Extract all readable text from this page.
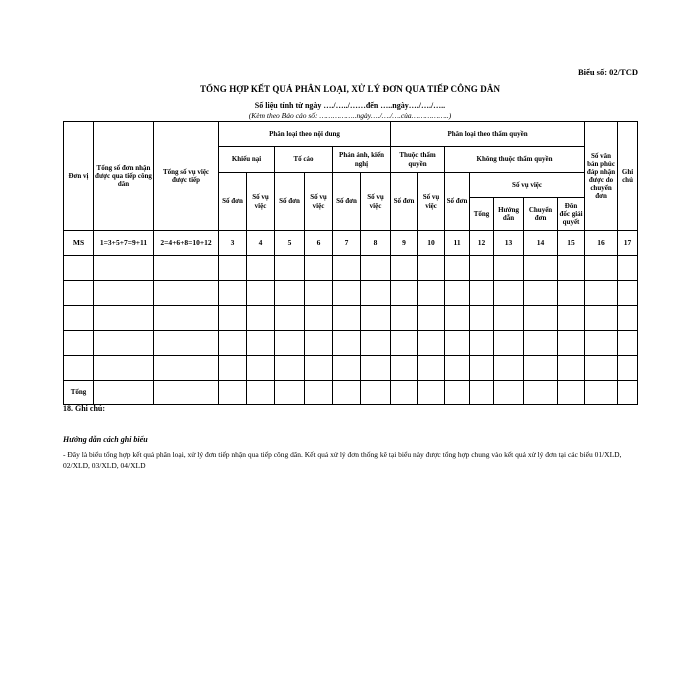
Biểu số: 02/TCD
TỔNG HỢP KẾT QUẢ PHÂN LOẠI, XỬ LÝ ĐƠN QUA TIẾP CÔNG DÂN
Số liệu tính từ ngày …./…../……đến …..ngày…./…./…..
(Kèm theo Báo cáo số: ……………..ngày…./…./….của……………..)
Đơn vị	Tổng số đơn nhận được qua tiếp công dân	Tổng số vụ việc được tiếp	Phân loại theo nội dung						Phân loại theo thẩm quyền							Số văn bản phúc đáp nhận được do chuyển đơn	Ghi chú
			Khiếu nại		Tố cáo		Phản ánh, kiến nghị		Thuộc thẩm quyền		Không thuộc thẩm quyền						
			Số đơn	Số vụ việc	Số đơn	Số vụ việc	Số đơn	Số vụ việc	Số đơn	Số vụ việc	Số đơn	Số vụ việc					
												Tổng	Hướng dẫn	Chuyển đơn	Đôn đốc giải quyết		

MS	1=3+5+7=9+11	2=4+6+8=10+12	3	4	5	6	7	8	9	10	11	12	13	14	15	16	17

Tổng																	
18. Ghi chú:
Hướng dẫn cách ghi biểu
- Đây là biểu tổng hợp kết quả phân loại, xử lý đơn tiếp nhận qua tiếp công dân. Kết quả xử lý đơn thống kê tại biểu này được tổng hợp chung vào kết quả xử lý đơn tại các biểu 01/XLD, 02/XLD, 03/XLD, 04/XLD
